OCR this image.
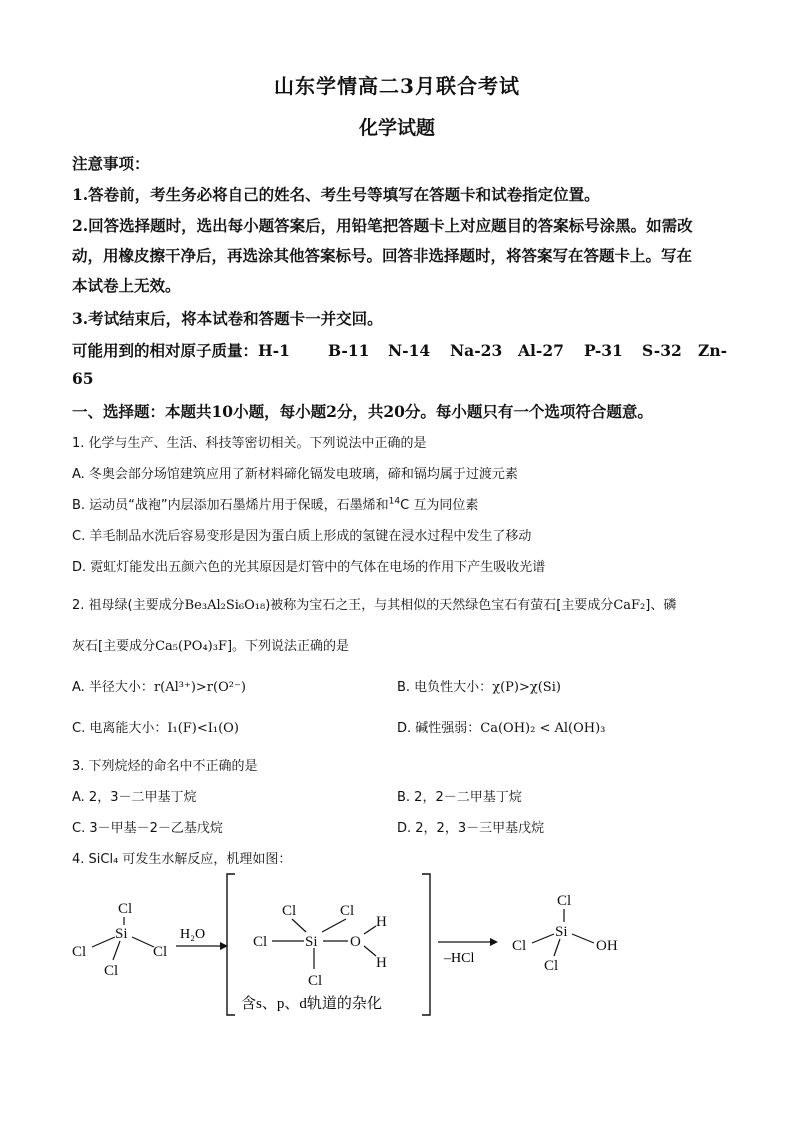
山东学情高二3月联合考试
化学试题
注意事项：
1.答卷前，考生务必将自己的姓名、考生号等填写在答题卡和试卷指定位置。
2.回答选择题时，选出每小题答案后，用铅笔把答题卡上对应题目的答案标号涂黑。如需改
动，用橡皮擦干净后，再选涂其他答案标号。回答非选择题时，将答案写在答题卡上。写在
本试卷上无效。
3.考试结束后，将本试卷和答题卡一并交回。
可能用到的相对原子质量：H-1 B-11 N-14 Na-23 Al-27 P-31 S-32 Zn-
65
一、选择题：本题共10小题，每小题2分，共20分。每小题只有一个选项符合题意。
1. 化学与生产、生活、科技等密切相关。下列说法中正确的是
A. 冬奥会部分场馆建筑应用了新材料碲化镉发电玻璃，碲和镉均属于过渡元素
B. 运动员“战袍”内层添加石墨烯片用于保暖，石墨烯和$^{14}$C 互为同位素
C. 羊毛制品水洗后容易变形是因为蛋白质上形成的氢键在浸水过程中发生了移动
D. 霓虹灯能发出五颜六色的光其原因是灯管中的气体在电场的作用下产生吸收光谱
2. 祖母绿(主要成分Be₃Al₂Si₆O₁₈)被称为宝石之王，与其相似的天然绿色宝石有萤石[主要成分CaF₂]、磷
灰石[主要成分Ca₅(PO₄)₃F]。下列说法正确的是
A. 半径大小：r(Al³⁺)>r(O²⁻)	B. 电负性大小：χ(P)>χ(Si)
C. 电离能大小：I₁(F)<I₁(O)	D. 碱性强弱：Ca(OH)₂ < Al(OH)₃
3. 下列烷烃的命名中不正确的是
A. 2，3－二甲基丁烷	B. 2，2－二甲基丁烷
C. 3－甲基－2－乙基戊烷	D. 2，2，3－三甲基戊烷
4. SiCl₄ 可发生水解反应，机理如图：
Cl
Si
Cl	Cl
Cl
H₂O
Cl	Cl
Cl	Si O
H
H
Cl
含s、p、d轨道的杂化
–HCl
Cl
Si
Cl	OH
Cl
